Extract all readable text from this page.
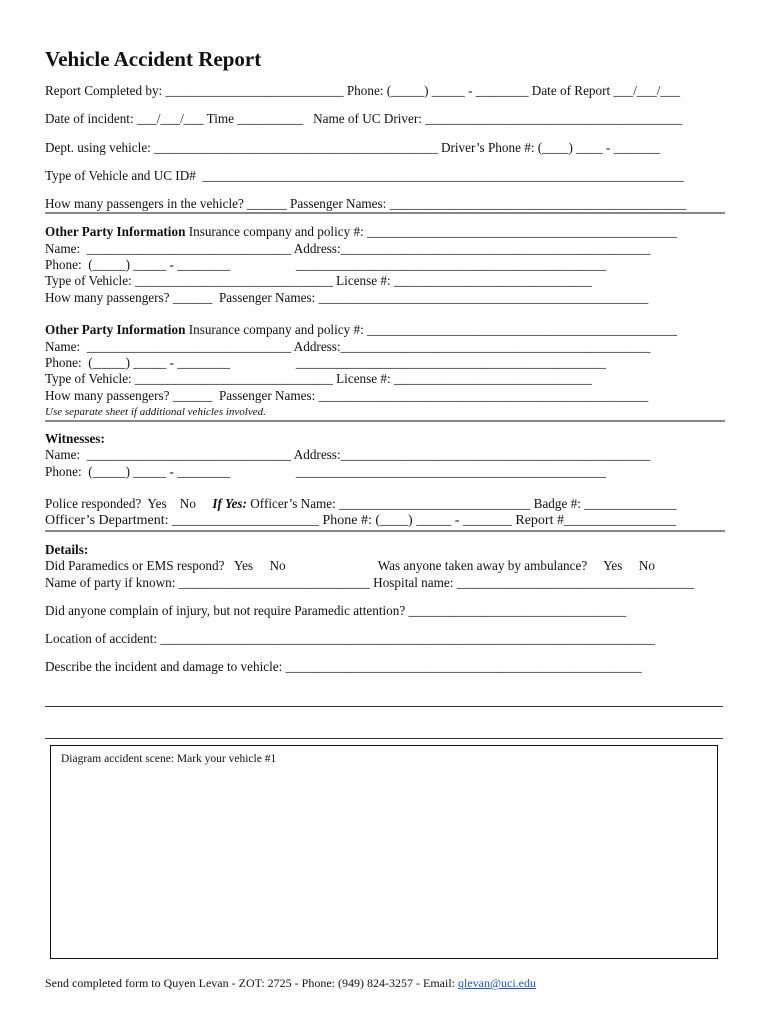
Vehicle Accident Report
Report Completed by: ___________________________ Phone: (_____) _____ - ________ Date of Report ___/___/___
Date of incident: ___/___/___ Time __________   Name of UC Driver: _______________________________________
Dept. using vehicle: ___________________________________________ Driver’s Phone #: (____) ____ - _______
Type of Vehicle and UC ID#  _________________________________________________________________________
How many passengers in the vehicle? ______ Passenger Names: _____________________________________________
Other Party Information Insurance company and policy #: _______________________________________________
Name:  _______________________________ Address:_______________________________________________
Phone:  (_____) _____ - ________                    _______________________________________________
Type of Vehicle: ______________________________ License #: ______________________________
How many passengers? ______  Passenger Names: __________________________________________________
Other Party Information Insurance company and policy #: _______________________________________________
Name:  _______________________________ Address:_______________________________________________
Phone:  (_____) _____ - ________                    _______________________________________________
Type of Vehicle: ______________________________ License #: ______________________________
How many passengers? ______  Passenger Names: __________________________________________________
Use separate sheet if additional vehicles involved.
Witnesses:
Name:  _______________________________ Address:_______________________________________________
Phone:  (_____) _____ - ________                    _______________________________________________
Police responded?  Yes    No     If Yes: Officer’s Name: _____________________________ Badge #: ______________
Officer’s Department: _____________________ Phone #: (____) _____ - _______ Report #________________
Details:
Did Paramedics or EMS respond?   Yes     No                            Was anyone taken away by ambulance?     Yes     No
Name of party if known: _____________________________ Hospital name: ____________________________________
Did anyone complain of injury, but not require Paramedic attention? _________________________________
Location of accident: ___________________________________________________________________________
Describe the incident and damage to vehicle: ______________________________________________________
Diagram accident scene: Mark your vehicle #1
Send completed form to Quyen Levan - ZOT: 2725 - Phone: (949) 824-3257 - Email: qlevan@uci.edu
